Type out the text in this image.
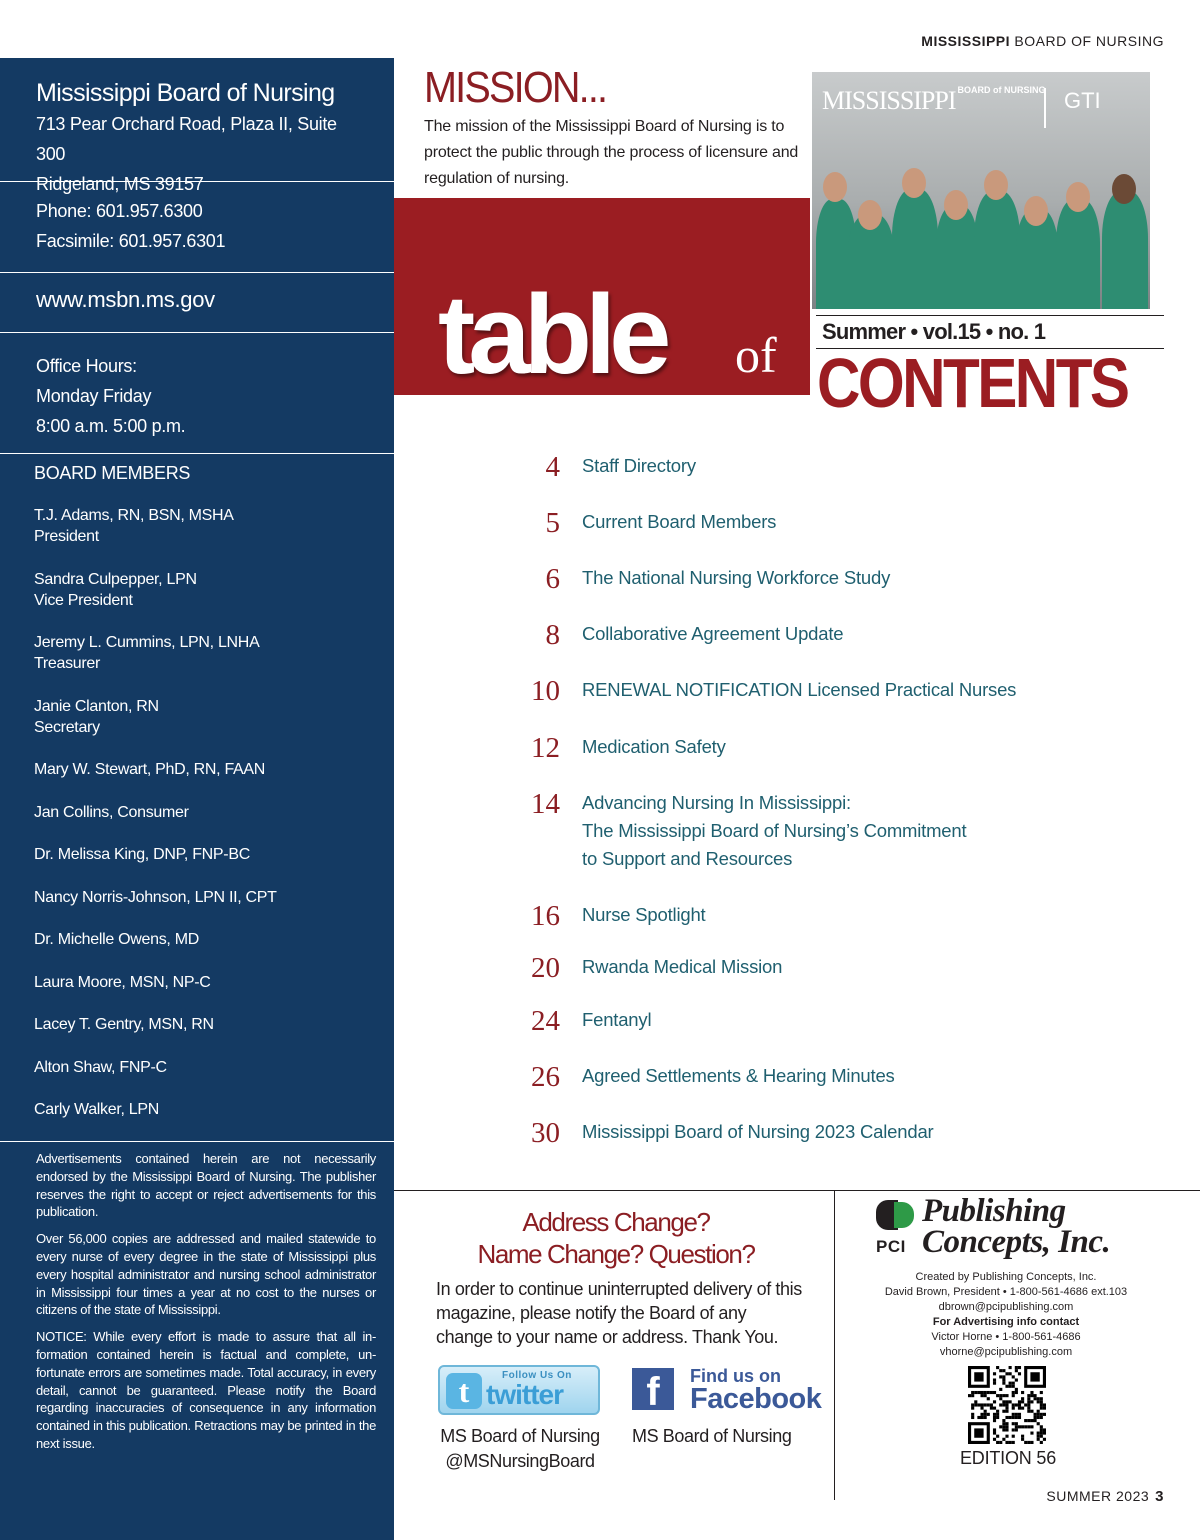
MISSISSIPPI BOARD OF NURSING
Mississippi Board of Nursing
713 Pear Orchard Road, Plaza II, Suite 300
Ridgeland, MS 39157
Phone: 601.957.6300
Facsimile: 601.957.6301
www.msbn.ms.gov
Office Hours:
Monday Friday
8:00 a.m. 5:00 p.m.
BOARD MEMBERS
T.J. Adams, RN, BSN, MSHA
President
Sandra Culpepper, LPN
Vice President
Jeremy L. Cummins, LPN, LNHA
Treasurer
Janie Clanton, RN
Secretary
Mary W. Stewart, PhD, RN, FAAN
Jan Collins, Consumer
Dr. Melissa King, DNP, FNP-BC
Nancy Norris-Johnson, LPN II, CPT
Dr. Michelle Owens, MD
Laura Moore, MSN, NP-C
Lacey T. Gentry, MSN, RN
Alton Shaw, FNP-C
Carly Walker, LPN

Advertisements contained herein are not necessarily endorsed by the Mississippi Board of Nursing. The publisher reserves the right to accept or reject advertisements for this publication.

Over 56,000 copies are addressed and mailed statewide to every nurse of every degree in the state of Mississippi plus every hospital administrator and nursing school administrator in Mississippi four times a year at no cost to the nurses or citizens of the state of Mississippi.

NOTICE: While every effort is made to assure that all in-formation contained herein is factual and complete, un-fortunate errors are sometimes made. Total accuracy, in every detail, cannot be guaranteed. Please notify the Board regarding inaccuracies of consequence in any information contained in this publication. Retractions may be printed in the next issue.

MISSION...
The mission of the Mississippi Board of Nursing is to protect the public through the process of licensure and regulation of nursing.
table of
MISSISSIPPI BOARD of NURSING GTI
Summer • vol.15 • no. 1
CONTENTS
4 Staff Directory
5 Current Board Members
6 The National Nursing Workforce Study
8 Collaborative Agreement Update
10 RENEWAL NOTIFICATION Licensed Practical Nurses
12 Medication Safety
14 Advancing Nursing In Mississippi:
The Mississippi Board of Nursing’s Commitment
to Support and Resources
16 Nurse Spotlight
20 Rwanda Medical Mission
24 Fentanyl
26 Agreed Settlements & Hearing Minutes
30 Mississippi Board of Nursing 2023 Calendar
Address Change?
Name Change? Question?
In order to continue uninterrupted delivery of this magazine, please notify the Board of any change to your name or address. Thank You.
t	Follow Us On
twitter	f	Find us on
Facebook
MS Board of Nursing
@MSNursingBoard
MS Board of Nursing
PCI
Publishing
Concepts, Inc.
Created by Publishing Concepts, Inc.
David Brown, President • 1-800-561-4686 ext.103
dbrown@pcipublishing.com
For Advertising info contact
Victor Horne • 1-800-561-4686
vhorne@pcipublishing.com
EDITION 56
SUMMER 2023 3
